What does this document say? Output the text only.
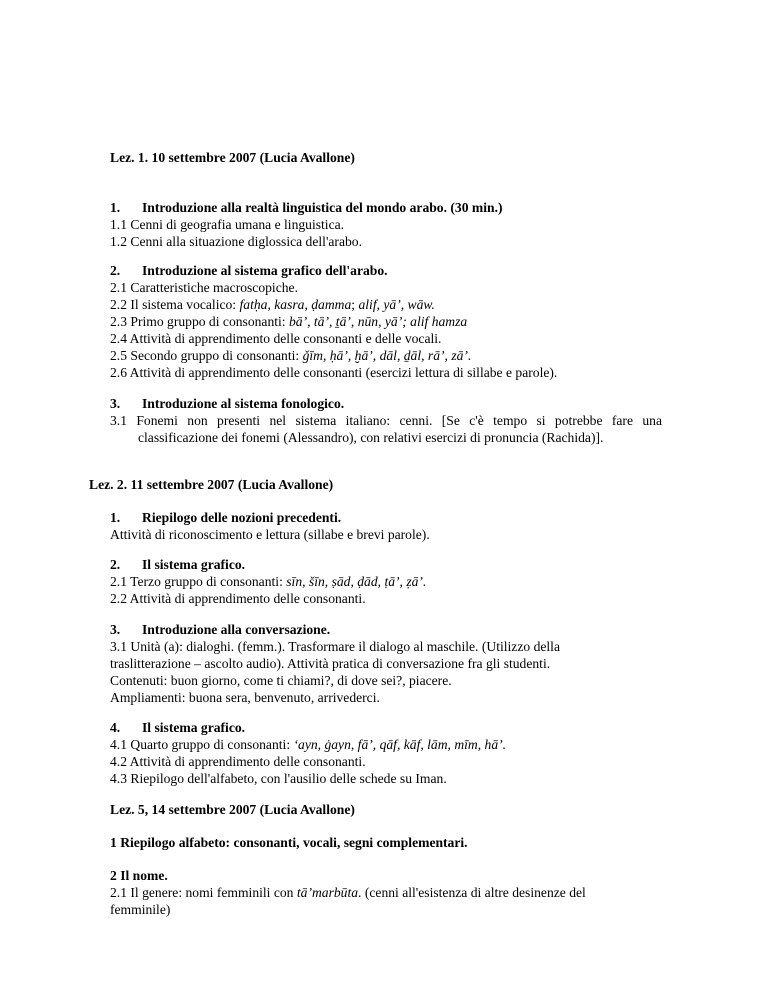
Lez. 1. 10 settembre 2007 (Lucia Avallone)
1. Introduzione alla realtà linguistica del mondo arabo. (30 min.)
1.1 Cenni di geografia umana e linguistica.
1.2 Cenni alla situazione diglossica dell'arabo.
2. Introduzione al sistema grafico dell'arabo.
2.1 Caratteristiche macroscopiche.
2.2 Il sistema vocalico: fatḥa, kasra, ḍamma; alif, yā’, wāw.
2.3 Primo gruppo di consonanti: bā’, tā’, ṯā’, nūn, yā’; alif hamza
2.4 Attività di apprendimento delle consonanti e delle vocali.
2.5 Secondo gruppo di consonanti: ǧīm, ḥā’, ḫā’, dāl, ḏāl, rā’, zā’.
2.6 Attività di apprendimento delle consonanti (esercizi lettura di sillabe e parole).
3. Introduzione al sistema fonologico.
3.1 Fonemi non presenti nel sistema italiano: cenni. [Se c'è tempo si potrebbe fare una
classificazione dei fonemi (Alessandro), con relativi esercizi di pronuncia (Rachida)].
Lez. 2. 11 settembre 2007 (Lucia Avallone)
1. Riepilogo delle nozioni precedenti.
Attività di riconoscimento e lettura (sillabe e brevi parole).
2. Il sistema grafico.
2.1 Terzo gruppo di consonanti: sīn, šīn, ṣād, ḍād, ṭā’, ẓā’.
2.2 Attività di apprendimento delle consonanti.
3. Introduzione alla conversazione.
3.1 Unità (a): dialoghi. (femm.). Trasformare il dialogo al maschile. (Utilizzo della
traslitterazione – ascolto audio). Attività pratica di conversazione fra gli studenti.
Contenuti: buon giorno, come ti chiami?, di dove sei?, piacere.
Ampliamenti: buona sera, benvenuto, arrivederci.
4. Il sistema grafico.
4.1 Quarto gruppo di consonanti: ‘ayn, ġayn, fā’, qāf, kāf, lām, mīm, hā’.
4.2 Attività di apprendimento delle consonanti.
4.3 Riepilogo dell'alfabeto, con l'ausilio delle schede su Iman.
Lez. 5, 14 settembre 2007 (Lucia Avallone)
1 Riepilogo alfabeto: consonanti, vocali, segni complementari.
2 Il nome.
2.1 Il genere: nomi femminili con tā’marbūta. (cenni all'esistenza di altre desinenze del
femminile)
